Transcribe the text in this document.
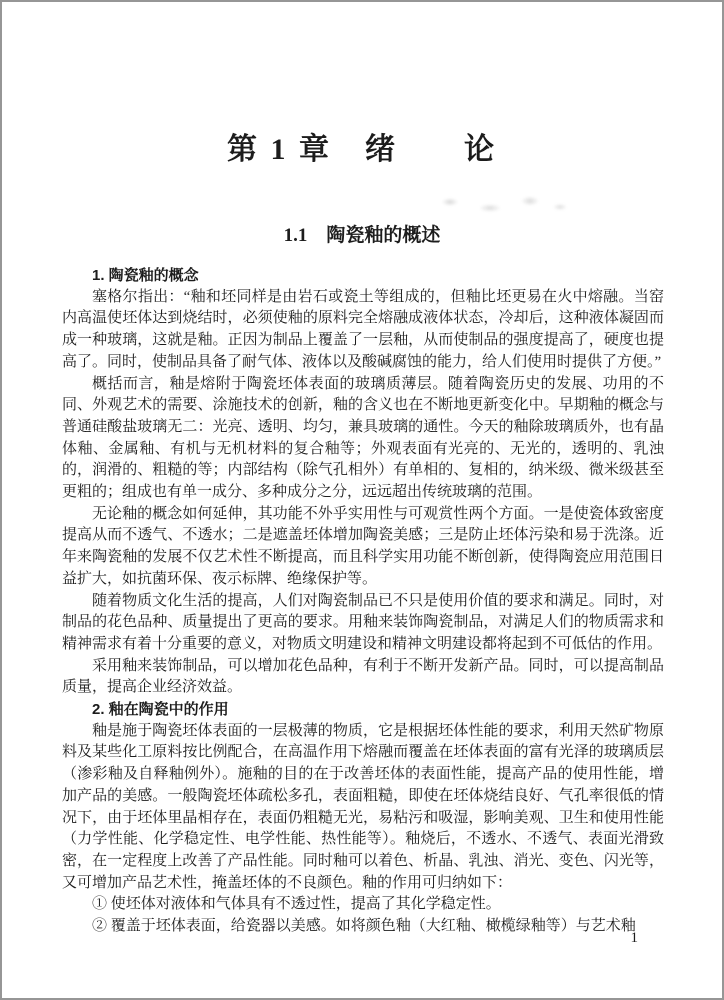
第 1 章　绪　　论
1.1　陶瓷釉的概述

1. 陶瓷釉的概念

塞格尔指出：“釉和坯同样是由岩石或瓷土等组成的，但釉比坯更易在火中熔融。当窑内高温使坯体达到烧结时，必须使釉的原料完全熔融成液体状态，冷却后，这种液体凝固而成一种玻璃，这就是釉。正因为制品上覆盖了一层釉，从而使制品的强度提高了，硬度也提高了。同时，使制品具备了耐气体、液体以及酸碱腐蚀的能力，给人们使用时提供了方便。”

概括而言，釉是熔附于陶瓷坯体表面的玻璃质薄层。随着陶瓷历史的发展、功用的不同、外观艺术的需要、涂施技术的创新，釉的含义也在不断地更新变化中。早期釉的概念与普通硅酸盐玻璃无二：光亮、透明、均匀，兼具玻璃的通性。今天的釉除玻璃质外，也有晶体釉、金属釉、有机与无机材料的复合釉等；外观表面有光亮的、无光的，透明的、乳浊的，润滑的、粗糙的等；内部结构（除气孔相外）有单相的、复相的，纳米级、微米级甚至更粗的；组成也有单一成分、多种成分之分，远远超出传统玻璃的范围。

无论釉的概念如何延伸，其功能不外乎实用性与可观赏性两个方面。一是使瓷体致密度提高从而不透气、不透水；二是遮盖坯体增加陶瓷美感；三是防止坯体污染和易于洗涤。近年来陶瓷釉的发展不仅艺术性不断提高，而且科学实用功能不断创新，使得陶瓷应用范围日益扩大，如抗菌环保、夜示标牌、绝缘保护等。

随着物质文化生活的提高，人们对陶瓷制品已不只是使用价值的要求和满足。同时，对制品的花色品种、质量提出了更高的要求。用釉来装饰陶瓷制品，对满足人们的物质需求和精神需求有着十分重要的意义，对物质文明建设和精神文明建设都将起到不可低估的作用。

采用釉来装饰制品，可以增加花色品种，有利于不断开发新产品。同时，可以提高制品质量，提高企业经济效益。

2. 釉在陶瓷中的作用

釉是施于陶瓷坯体表面的一层极薄的物质，它是根据坯体性能的要求，利用天然矿物原料及某些化工原料按比例配合，在高温作用下熔融而覆盖在坯体表面的富有光泽的玻璃质层（渗彩釉及自释釉例外）。施釉的目的在于改善坯体的表面性能，提高产品的使用性能，增加产品的美感。一般陶瓷坯体疏松多孔，表面粗糙，即使在坯体烧结良好、气孔率很低的情况下，由于坯体里晶相存在，表面仍粗糙无光，易粘污和吸湿，影响美观、卫生和使用性能（力学性能、化学稳定性、电学性能、热性能等）。釉烧后，不透水、不透气、表面光滑致密，在一定程度上改善了产品性能。同时釉可以着色、析晶、乳浊、消光、变色、闪光等，又可增加产品艺术性，掩盖坯体的不良颜色。釉的作用可归纳如下：

① 使坯体对液体和气体具有不透过性，提高了其化学稳定性。

② 覆盖于坯体表面，给瓷器以美感。如将颜色釉（大红釉、橄榄绿釉等）与艺术釉

1
